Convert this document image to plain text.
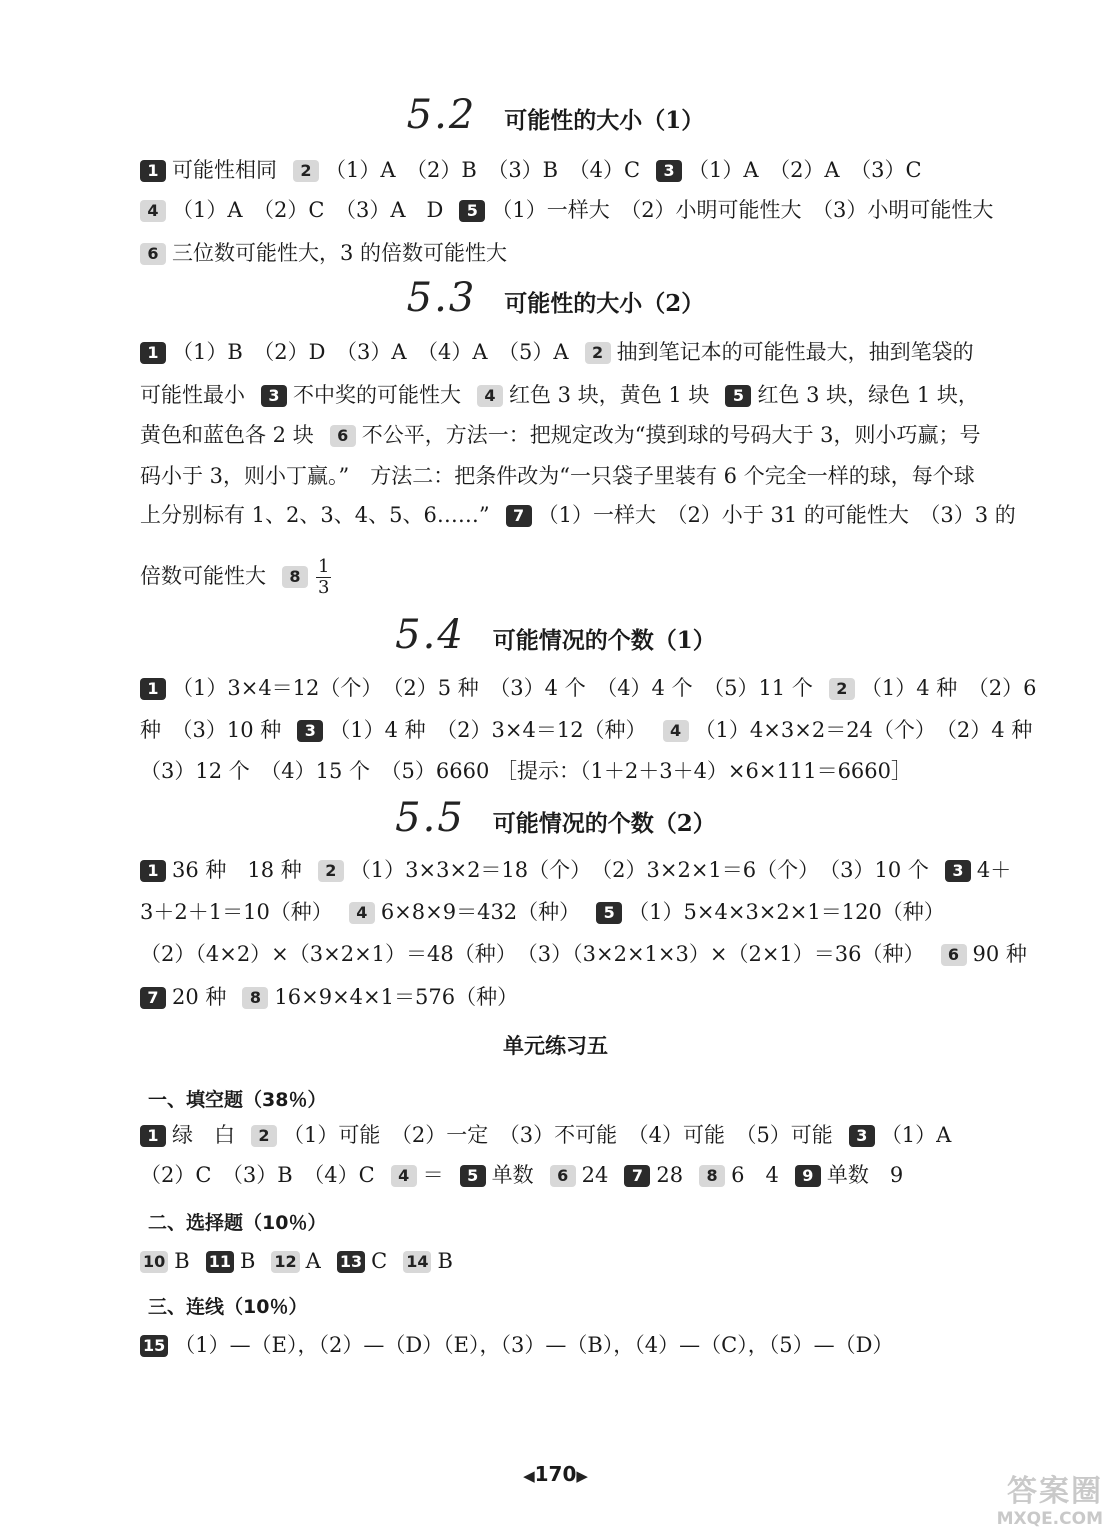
5.2 可能性的大小（1）
1 可能性相同 2 （1）A　（2）B　（3）B　（4）C 3 （1）A　（2）A　（3）C
4 （1）A　（2）C　（3）A　D 5 （1）一样大　（2）小明可能性大　（3）小明可能性大
6 三位数可能性大，3 的倍数可能性大
5.3 可能性的大小（2）
1 （1）B　（2）D　（3）A　（4）A　（5）A 2 抽到笔记本的可能性最大，抽到笔袋的
可能性最小 3 不中奖的可能性大 4 红色 3 块，黄色 1 块 5 红色 3 块，绿色 1 块，
黄色和蓝色各 2 块 6 不公平，方法一：把规定改为“摸到球的号码大于 3，则小巧赢；号
码小于 3，则小丁赢。”　方法二：把条件改为“一只袋子里装有 6 个完全一样的球，每个球
上分别标有 1、2、3、4、5、6……” 7 （1）一样大　（2）小于 31 的可能性大　（3）3 的
倍数可能性大 $8 \frac{1}{3}$
5.4 可能情况的个数（1）
1 （1）3×4＝12（个）　（2）5 种　（3）4 个　（4）4 个　（5）11 个 2 （1）4 种　（2）6
种　（3）10 种 3 （1）4 种　（2）3×4＝12（种） 4 （1）4×3×2＝24（个）　（2）4 种
（3）12 个　（4）15 个　（5）6660 ［提示：（1＋2＋3＋4）×6×111＝6660］
5.5 可能情况的个数（2）
1 36 种　18 种 2 （1）3×3×2＝18（个）　（2）3×2×1＝6（个）　（3）10 个 3 4＋
3＋2＋1＝10（种） 4 6×8×9＝432（种） 5 （1）5×4×3×2×1＝120（种）
（2）（4×2）×（3×2×1）＝48（种）　（3）（3×2×1×3）×（2×1）＝36（种） 6 90 种
7 20 种 8 16×9×4×1＝576（种）
单元练习五
一、填空题（38％）
1 绿　白 2 （1）可能　（2）一定　（3）不可能　（4）可能　（5）可能 3 （1）A
（2）C　（3）B　（4）C 4 ＝ 5 单数 6 24 7 28 8 6　4 9 单数　9
二、选择题（10％）
10 B 11 B 12 A 13 C 14 B
三、连线（10％）
15 （1）—（E），（2）—（D）（E），（3）—（B），（4）—（C），（5）—（D）
◀170▶	答案圈
MXQE.COM
